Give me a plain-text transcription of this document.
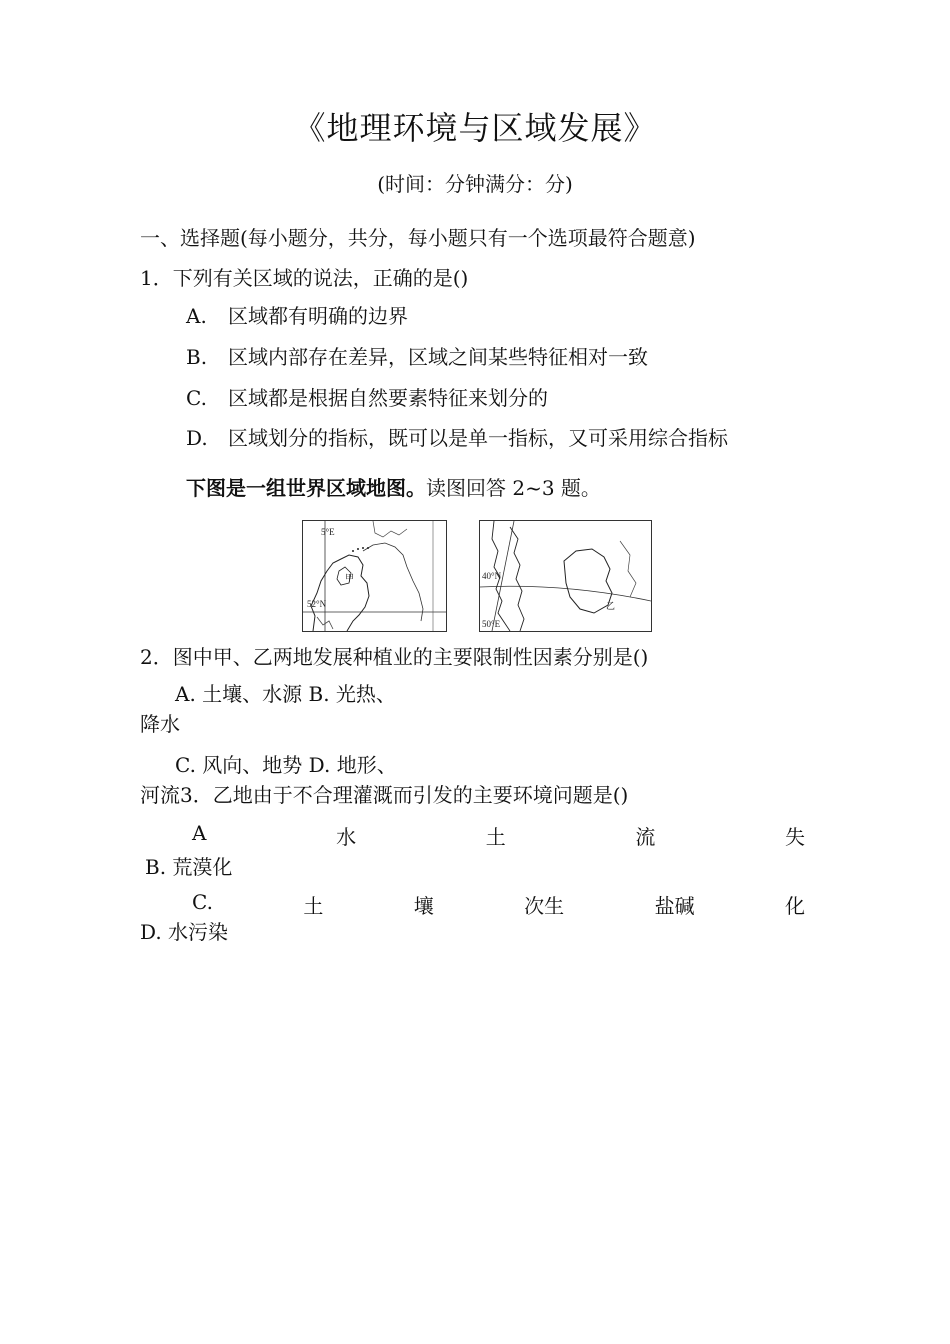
《地理环境与区域发展》
(时间：分钟满分：分)
一、选择题(每小题分，共分，每小题只有一个选项最符合题意)
1．下列有关区域的说法，正确的是()
A. 区域都有明确的边界
B. 区域内部存在差异，区域之间某些特征相对一致
C. 区域都是根据自然要素特征来划分的
D. 区域划分的指标，既可以是单一指标，又可采用综合指标
下图是一组世界区域地图。读图回答 2~3 题。
5°E
52°N
甲	40°N
50°E
乙
2．图中甲、乙两地发展种植业的主要限制性因素分别是()
A. 土壤、水源 B. 光热、
降水
C. 风向、地势 D. 地形、
河流3．乙地由于不合理灌溉而引发的主要环境问题是()
A	水	土	流	失
B. 荒漠化
C.	土	壤	次生	盐碱	化
D. 水污染
